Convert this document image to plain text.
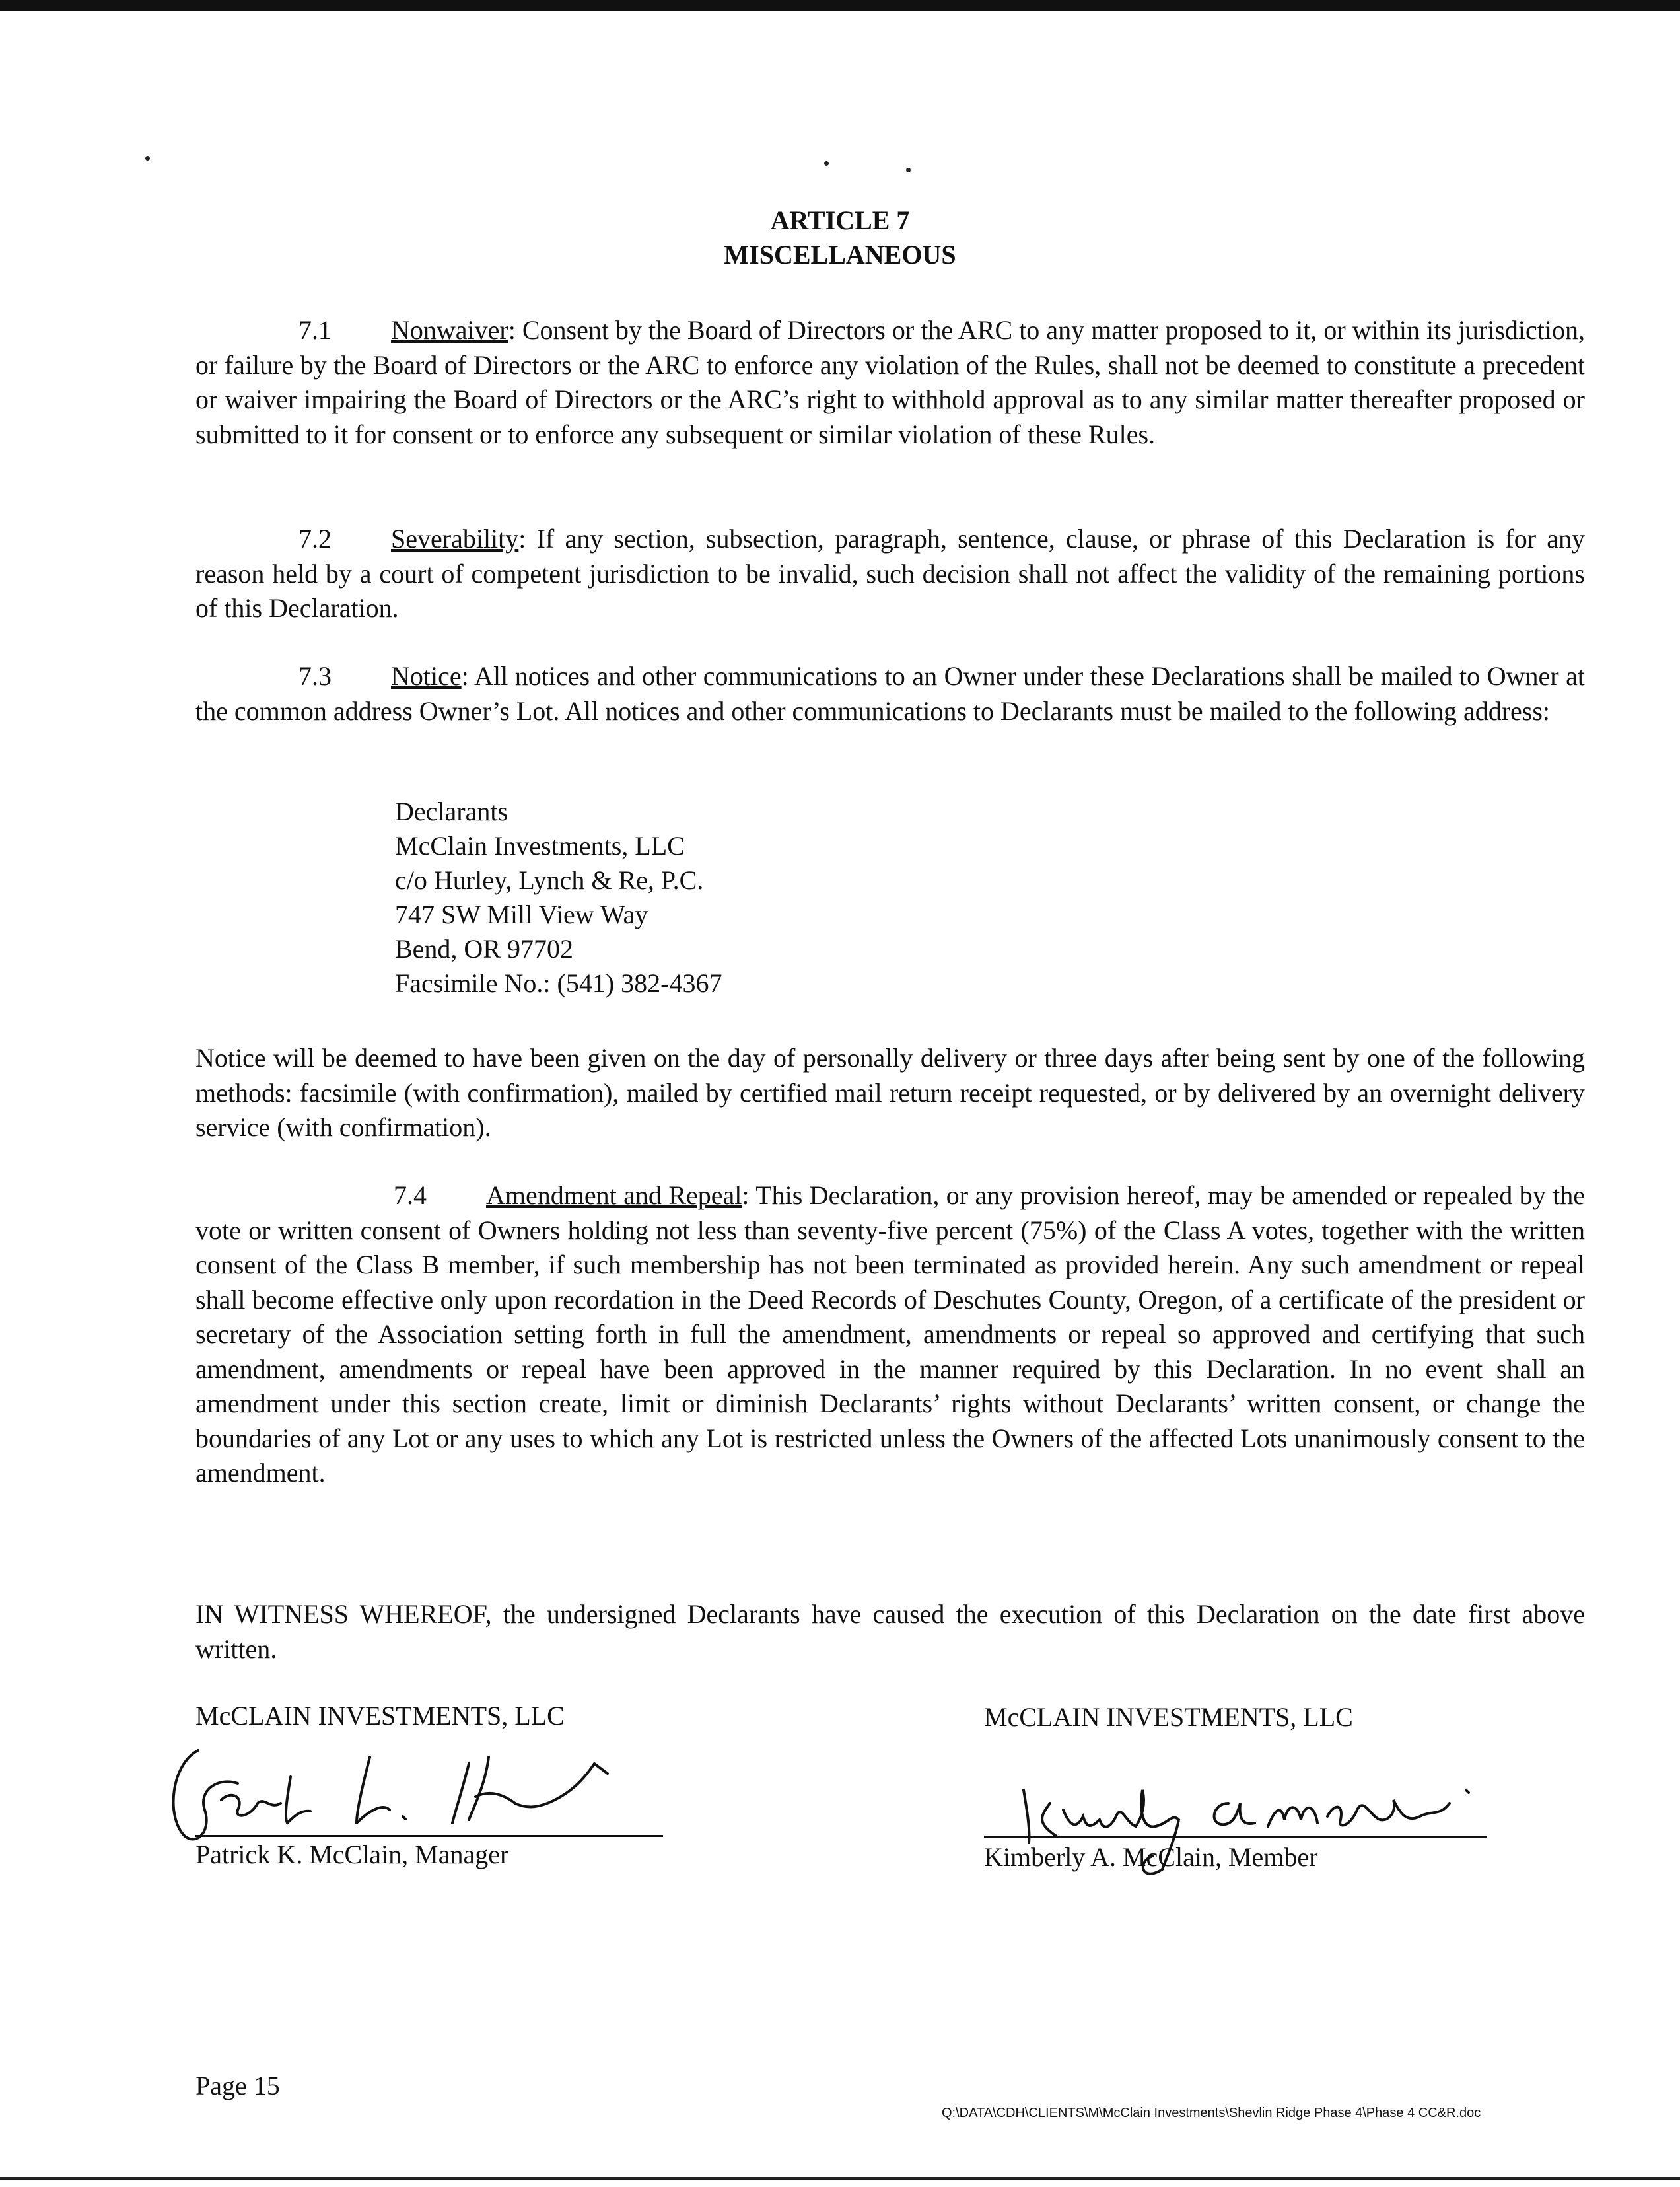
ARTICLE 7
MISCELLANEOUS

7.1 Nonwaiver: Consent by the Board of Directors or the ARC to any matter proposed to it, or within its jurisdiction, or failure by the Board of Directors or the ARC to enforce any violation of the Rules, shall not be deemed to constitute a precedent or waiver impairing the Board of Directors or the ARC’s right to withhold approval as to any similar matter thereafter proposed or submitted to it for consent or to enforce any subsequent or similar violation of these Rules.

7.2 Severability: If any section, subsection, paragraph, sentence, clause, or phrase of this Declaration is for any reason held by a court of competent jurisdiction to be invalid, such decision shall not affect the validity of the remaining portions of this Declaration.

7.3 Notice: All notices and other communications to an Owner under these Declarations shall be mailed to Owner at the common address Owner’s Lot. All notices and other communications to Declarants must be mailed to the following address:

Declarants
McClain Investments, LLC
c/o Hurley, Lynch & Re, P.C.
747 SW Mill View Way
Bend, OR 97702
Facsimile No.: (541) 382-4367

Notice will be deemed to have been given on the day of personally delivery or three days after being sent by one of the following methods: facsimile (with confirmation), mailed by certified mail return receipt requested, or by delivered by an overnight delivery service (with confirmation).

7.4 Amendment and Repeal: This Declaration, or any provision hereof, may be amended or repealed by the vote or written consent of Owners holding not less than seventy-five percent (75%) of the Class A votes, together with the written consent of the Class B member, if such membership has not been terminated as provided herein. Any such amendment or repeal shall become effective only upon recordation in the Deed Records of Deschutes County, Oregon, of a certificate of the president or secretary of the Association setting forth in full the amendment, amendments or repeal so approved and certifying that such amendment, amendments or repeal have been approved in the manner required by this Declaration. In no event shall an amendment under this section create, limit or diminish Declarants’ rights without Declarants’ written consent, or change the boundaries of any Lot or any uses to which any Lot is restricted unless the Owners of the affected Lots unanimously consent to the amendment.

IN WITNESS WHEREOF, the undersigned Declarants have caused the execution of this Declaration on the date first above written.

McCLAIN INVESTMENTS, LLC
Patrick K. McClain, Manager
McCLAIN INVESTMENTS, LLC
Kimberly A. McClain, Member
Page 15
Q:\DATA\CDH\CLIENTS\M\McClain Investments\Shevlin Ridge Phase 4\Phase 4 CC&R.doc
